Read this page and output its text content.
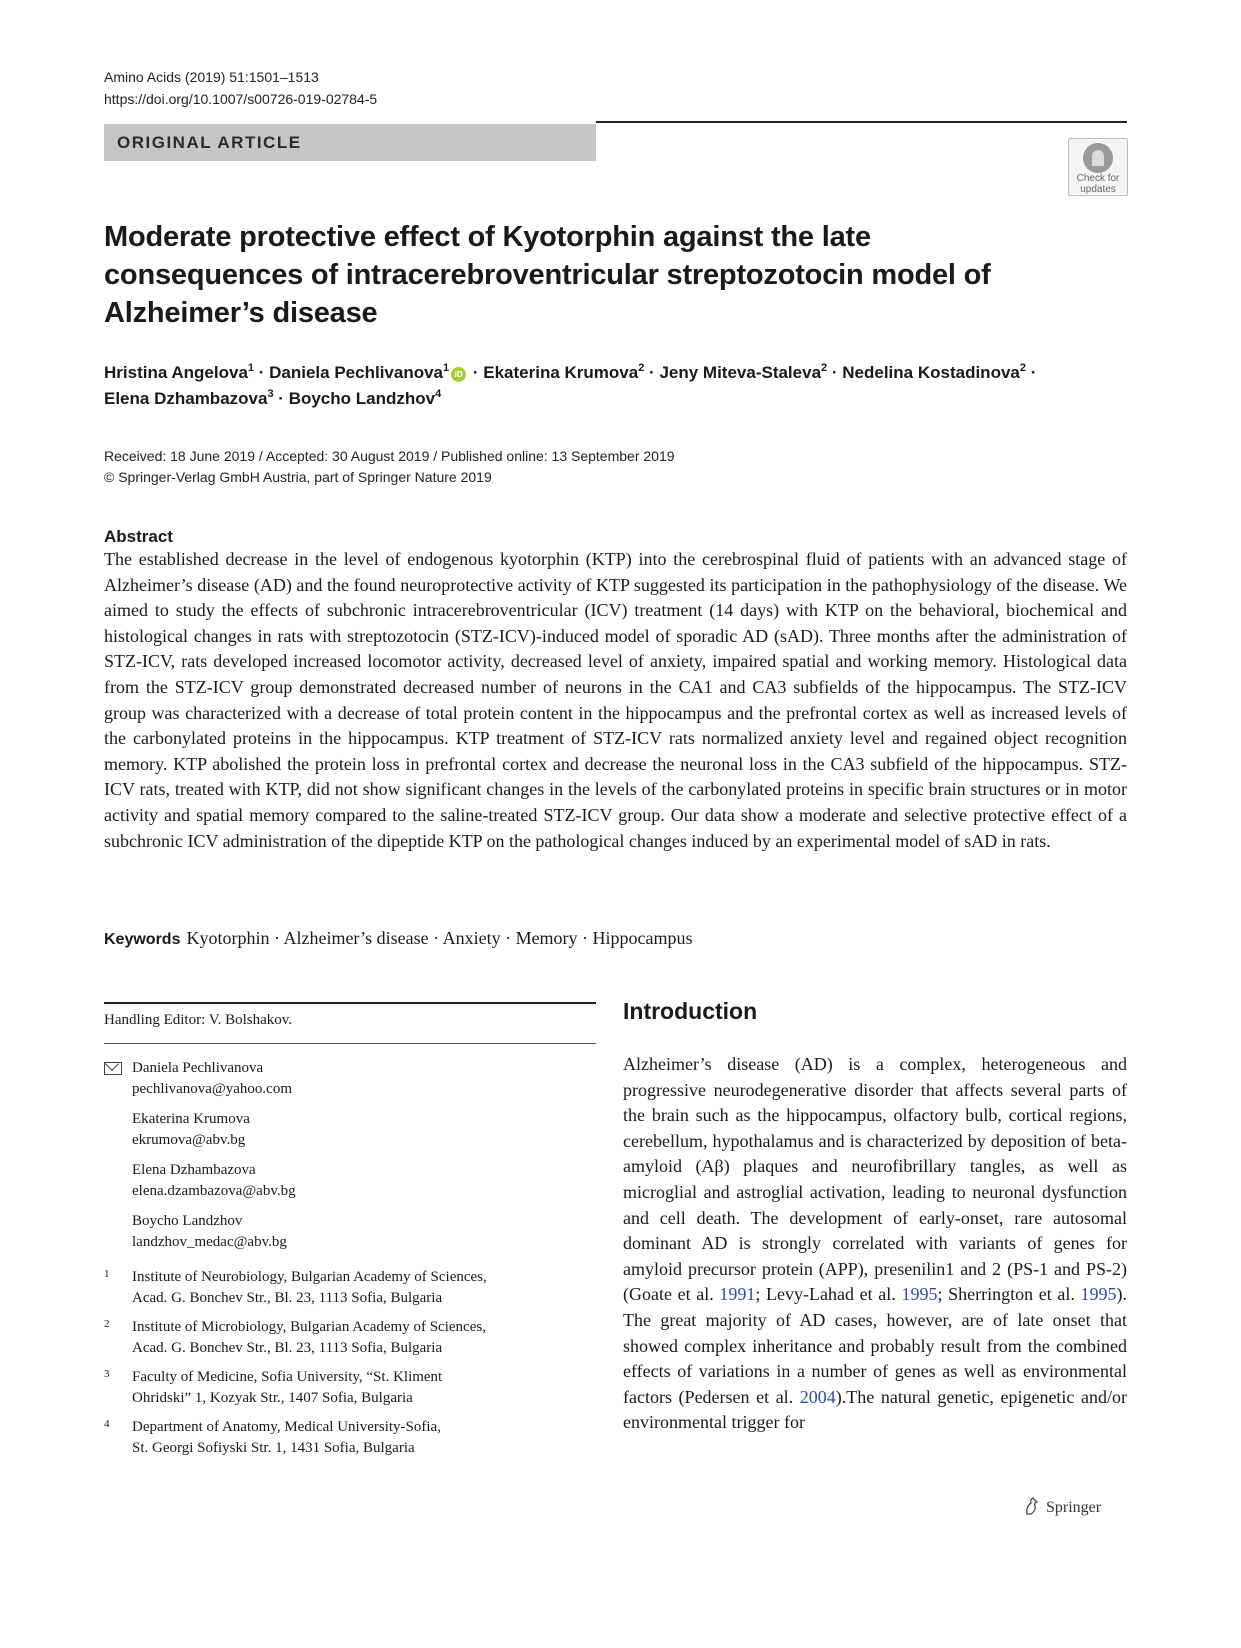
Amino Acids (2019) 51:1501–1513
https://doi.org/10.1007/s00726-019-02784-5
ORIGINAL ARTICLE
Check for updates
Moderate protective effect of Kyotorphin against the late consequences of intracerebroventricular streptozotocin model of Alzheimer’s disease
Hristina Angelova$^1$ · Daniela Pechlivanova$^1$iD · Ekaterina Krumova$^2$ · Jeny Miteva-Staleva$^2$ · Nedelina Kostadinova$^2$ ·
Elena Dzhambazova$^3$ · Boycho Landzhov$^4$
Received: 18 June 2019 / Accepted: 30 August 2019 / Published online: 13 September 2019
© Springer-Verlag GmbH Austria, part of Springer Nature 2019
Abstract
The established decrease in the level of endogenous kyotorphin (KTP) into the cerebrospinal fluid of patients with an advanced stage of Alzheimer’s disease (AD) and the found neuroprotective activity of KTP suggested its participation in the pathophysiology of the disease. We aimed to study the effects of subchronic intracerebroventricular (ICV) treatment (14 days) with KTP on the behavioral, biochemical and histological changes in rats with streptozotocin (STZ-ICV)-induced model of sporadic AD (sAD). Three months after the administration of STZ-ICV, rats developed increased locomotor activity, decreased level of anxiety, impaired spatial and working memory. Histological data from the STZ-ICV group demonstrated decreased number of neurons in the CA1 and CA3 subfields of the hippocampus. The STZ-ICV group was characterized with a decrease of total protein content in the hippocampus and the prefrontal cortex as well as increased levels of the carbonylated proteins in the hippocampus. KTP treatment of STZ-ICV rats normalized anxiety level and regained object recognition memory. KTP abolished the protein loss in prefrontal cortex and decrease the neuronal loss in the CA3 subfield of the hippocampus. STZ-ICV rats, treated with KTP, did not show significant changes in the levels of the carbonylated proteins in specific brain structures or in motor activity and spatial memory compared to the saline-treated STZ-ICV group. Our data show a moderate and selective protective effect of a subchronic ICV administration of the dipeptide KTP on the pathological changes induced by an experimental model of sAD in rats.
Keywords Kyotorphin · Alzheimer’s disease · Anxiety · Memory · Hippocampus
Handling Editor: V. Bolshakov.
Daniela Pechlivanova
pechlivanova@yahoo.com
Ekaterina Krumova
ekrumova@abv.bg
Elena Dzhambazova
elena.dzambazova@abv.bg
Boycho Landzhov
landzhov_medac@abv.bg
1 Institute of Neurobiology, Bulgarian Academy of Sciences,
Acad. G. Bonchev Str., Bl. 23, 1113 Sofia, Bulgaria
2 Institute of Microbiology, Bulgarian Academy of Sciences,
Acad. G. Bonchev Str., Bl. 23, 1113 Sofia, Bulgaria
3 Faculty of Medicine, Sofia University, “St. Kliment
Ohridski” 1, Kozyak Str., 1407 Sofia, Bulgaria
4 Department of Anatomy, Medical University-Sofia,
St. Georgi Sofiyski Str. 1, 1431 Sofia, Bulgaria
Introduction
Alzheimer’s disease (AD) is a complex, heterogeneous and progressive neurodegenerative disorder that affects several parts of the brain such as the hippocampus, olfactory bulb, cortical regions, cerebellum, hypothalamus and is characterized by deposition of beta-amyloid (Aβ) plaques and neurofibrillary tangles, as well as microglial and astroglial activation, leading to neuronal dysfunction and cell death. The development of early-onset, rare autosomal dominant AD is strongly correlated with variants of genes for amyloid precursor protein (APP), presenilin1 and 2 (PS-1 and PS-2) (Goate et al. 1991; Levy-Lahad et al. 1995; Sherrington et al. 1995). The great majority of AD cases, however, are of late onset that showed complex inheritance and probably result from the combined effects of variations in a number of genes as well as environmental factors (Pedersen et al. 2004).The natural genetic, epigenetic and/or environmental trigger for
Springer
